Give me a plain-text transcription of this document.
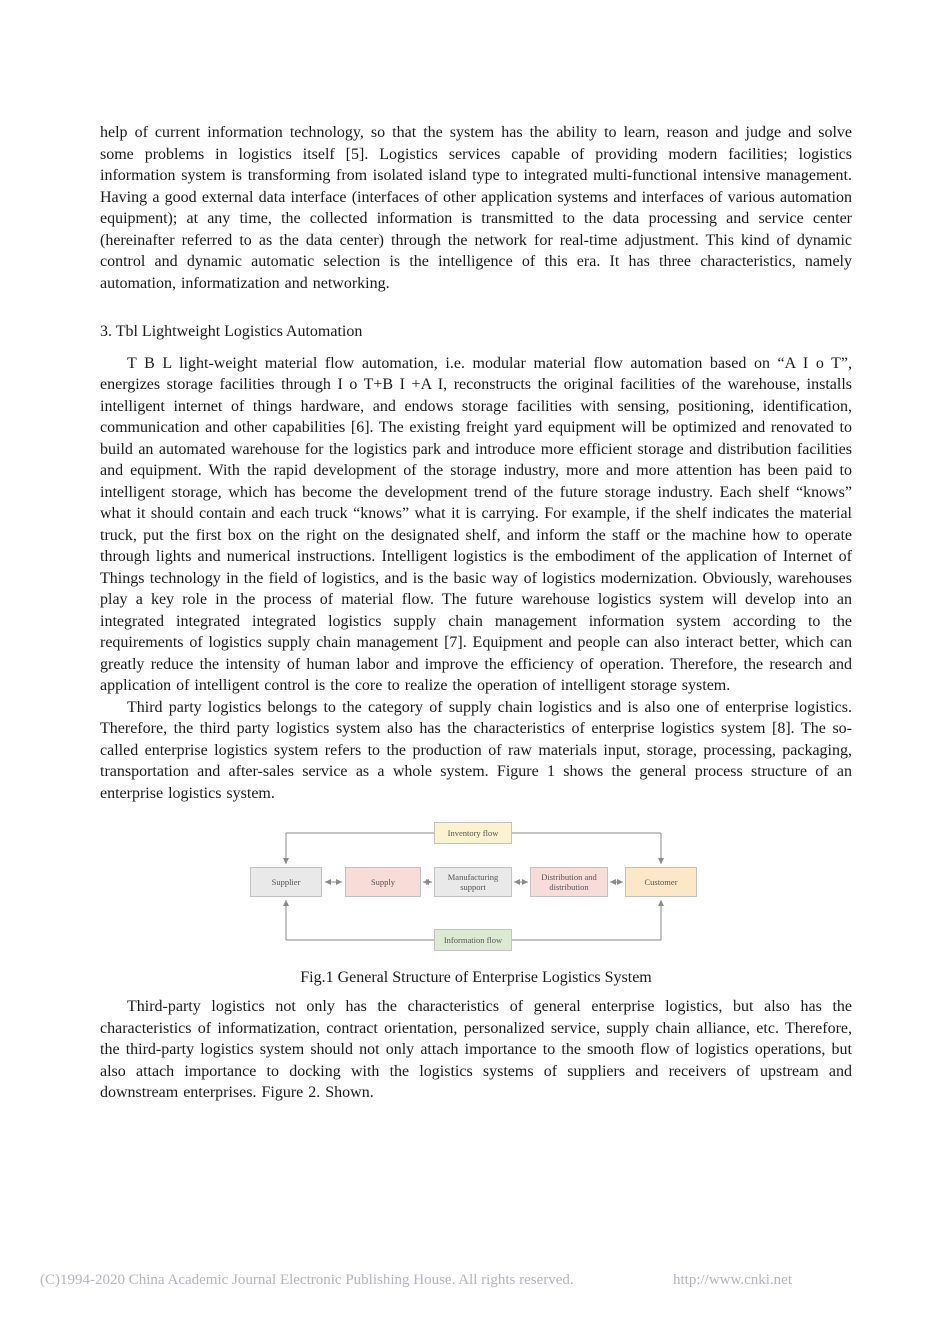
help of current information technology, so that the system has the ability to learn, reason and judge and solve some problems in logistics itself [5]. Logistics services capable of providing modern facilities; logistics information system is transforming from isolated island type to integrated multi-functional intensive management. Having a good external data interface (interfaces of other application systems and interfaces of various automation equipment); at any time, the collected information is transmitted to the data processing and service center (hereinafter referred to as the data center) through the network for real-time adjustment. This kind of dynamic control and dynamic automatic selection is the intelligence of this era. It has three characteristics, namely automation, informatization and networking.

3. Tbl Lightweight Logistics Automation

T B L light-weight material flow automation, i.e. modular material flow automation based on “A I o T”, energizes storage facilities through I o T+B I +A I, reconstructs the original facilities of the warehouse, installs intelligent internet of things hardware, and endows storage facilities with sensing, positioning, identification, communication and other capabilities [6]. The existing freight yard equipment will be optimized and renovated to build an automated warehouse for the logistics park and introduce more efficient storage and distribution facilities and equipment. With the rapid development of the storage industry, more and more attention has been paid to intelligent storage, which has become the development trend of the future storage industry. Each shelf “knows” what it should contain and each truck “knows” what it is carrying. For example, if the shelf indicates the material truck, put the first box on the right on the designated shelf, and inform the staff or the machine how to operate through lights and numerical instructions. Intelligent logistics is the embodiment of the application of Internet of Things technology in the field of logistics, and is the basic way of logistics modernization. Obviously, warehouses play a key role in the process of material flow. The future warehouse logistics system will develop into an integrated integrated integrated logistics supply chain management information system according to the requirements of logistics supply chain management [7]. Equipment and people can also interact better, which can greatly reduce the intensity of human labor and improve the efficiency of operation. Therefore, the research and application of intelligent control is the core to realize the operation of intelligent storage system.

Third party logistics belongs to the category of supply chain logistics and is also one of enterprise logistics. Therefore, the third party logistics system also has the characteristics of enterprise logistics system [8]. The so-called enterprise logistics system refers to the production of raw materials input, storage, processing, packaging, transportation and after-sales service as a whole system. Figure 1 shows the general process structure of an enterprise logistics system.

Inventory flow
Supplier	Supply
Manufacturing support
Distribution and distribution
Customer
Information flow
Fig.1 General Structure of Enterprise Logistics System

Third-party logistics not only has the characteristics of general enterprise logistics, but also has the characteristics of informatization, contract orientation, personalized service, supply chain alliance, etc. Therefore, the third-party logistics system should not only attach importance to the smooth flow of logistics operations, but also attach importance to docking with the logistics systems of suppliers and receivers of upstream and downstream enterprises. Figure 2. Shown.

(C)1994-2020 China Academic Journal Electronic Publishing House. All rights reserved.	http://www.cnki.net
